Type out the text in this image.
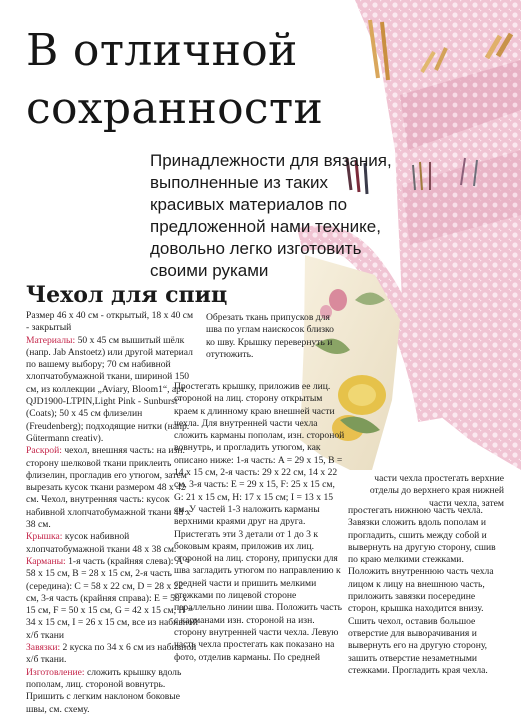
В отличной
сохранности
Принадлежности для вязания, выполненные из таких красивых материалов по предложенной нами технике, довольно легко изготовить своими руками
Чехол для спиц

Размер 46 х 40 см - открытый, 18 х 40 см - закрытый

Материалы: 50 х 45 см вышитый шёлк (напр. Jab Anstoetz) или другой материал по вашему выбору; 70 см набивной хлопчатобумажной ткани, шириной 150 см, из коллекции „Aviary, Bloom1“, арт. QJD1900-LTPIN,Light Pink - Sunburst“ (Coats); 50 х 45 см флизелин (Freudenberg); подходящие нитки (напр. Gütermann creativ).

Раскрой: чехол, внешняя часть: на изн. сторону шелковой ткани приклеить флизелин, прогладив его утюгом, затем вырезать кусок ткани размером 48 х 42 см. Чехол, внутренняя часть: кусок набивной хлопчатобумажной ткани 48 х 38 см.

Крышка: кусок набивной хлопчатобумажной ткани 48 х 38 см.

Карманы: 1-я часть (крайняя слева): A = 58 х 15 см, B = 28 х 15 см, 2-я часть (середина): C = 58 х 22 см, D = 28 х 22 см, 3-я часть (крайняя справа): E = 58 х 15 см, F = 50 х 15 см, G = 42 х 15 см, H = 34 х 15 см, I = 26 х 15 см, все из набивной х/б ткани

Завязки: 2 куска по 34 х 6 см из набивной х/б ткани.

Изготовление: сложить крышку вдоль пополам, лиц. стороной вовнутрь. Пришить с легким наклоном боковые швы, см. схему.

Обрезать ткань припусков для шва по углам наискосок близко ко шву. Крышку перевернуть и отутюжить.

Простегать крышку, приложив ее лиц. стороной на лиц. сторону открытым краем к длинному краю внешней части чехла. Для внутренней части чехла сложить карманы пополам, изн. стороной вовнутрь, и прогладить утюгом, как описано ниже: 1-я часть: A = 29 х 15, B = 14 х 15 см, 2-я часть: 29 х 22 см, 14 х 22 см, 3-я часть: E = 29 х 15, F: 25 х 15 см, G: 21 х 15 см, H: 17 х 15 см; I = 13 х 15 см. У частей 1-3 наложить карманы верхними краями друг на друга. Пристегать эти 3 детали от 1 до 3 к боковым краям, приложив их лиц. стороной на лиц. сторону, припуски для шва загладить утюгом по направлению к средней части и пришить мелкими стежками по лицевой стороне параллельно линии шва. Положить часть с карманами изн. стороной на изн. сторону внутренней части чехла. Левую часть чехла простегать как показано на фото, отделив карманы. По средней

части чехла простегать верхние отделы до верхнего края нижней части чехла, затем

простегать нижнюю часть чехла. Завязки сложить вдоль пополам и прогладить, сшить между собой и вывернуть на другую сторону, сшив по краю мелкими стежками. Положить внутреннюю часть чехла лицом к лицу на внешнюю часть, приложить завязки посередине сторон, крышка находится внизу. Сшить чехол, оставив большое отверстие для выворачивания и вывернуть его на другую сторону, зашить отверстие незаметными стежками. Прогладить края чехла.
